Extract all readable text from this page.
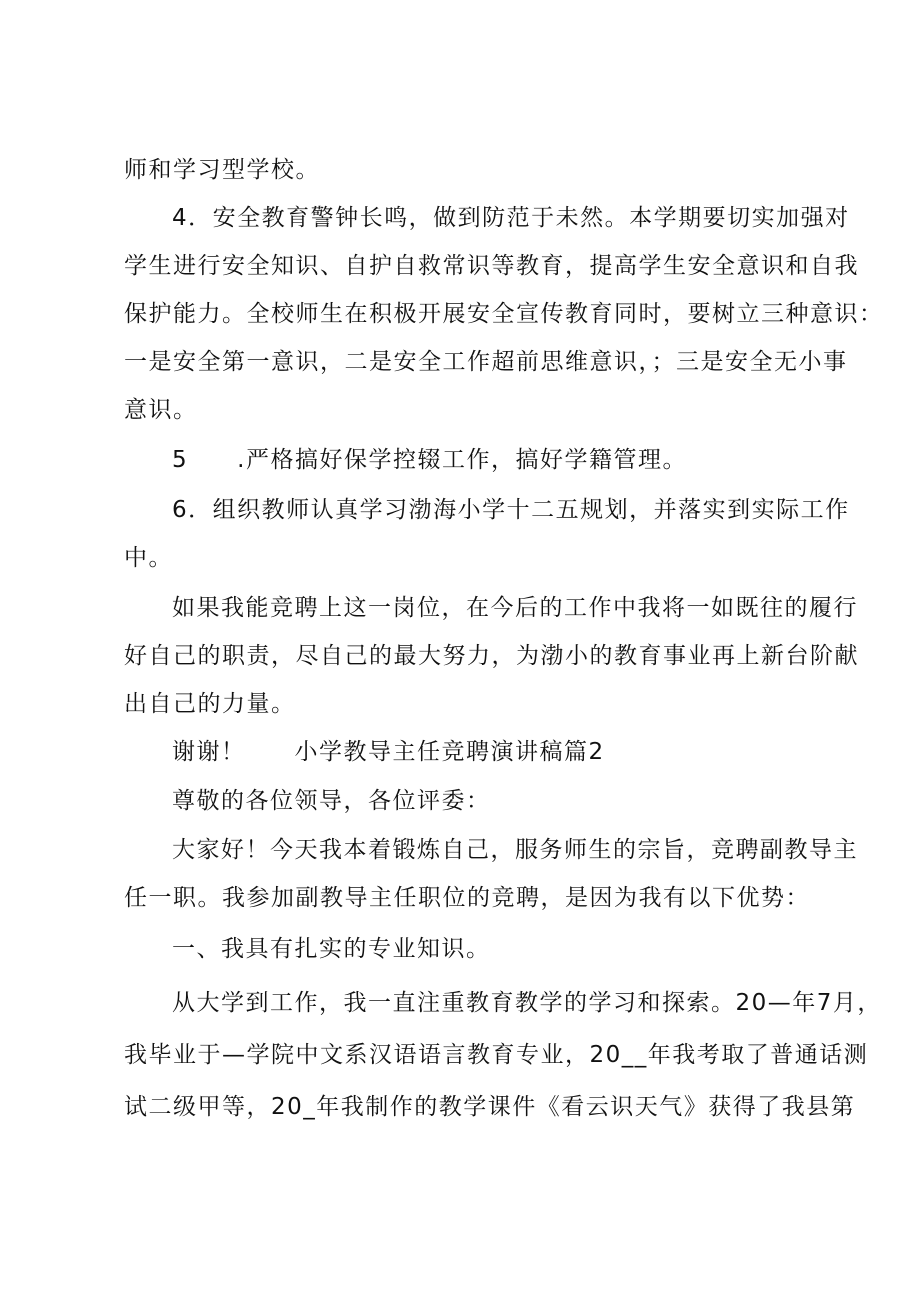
师和学习型学校。
4．安全教育警钟长鸣，做到防范于未然。本学期要切实加强对
学生进行安全知识、自护自救常识等教育，提高学生安全意识和自我
保护能力。全校师生在积极开展安全宣传教育同时，要树立三种意识：
一是安全第一意识，二是安全工作超前思维意识，；三是安全无小事
意识。
5　　.严格搞好保学控辍工作，搞好学籍管理。
6．组织教师认真学习渤海小学十二五规划，并落实到实际工作
中。
如果我能竞聘上这一岗位，在今后的工作中我将一如既往的履行
好自己的职责，尽自己的最大努力，为渤小的教育事业再上新台阶献
出自己的力量。
谢谢！　　小学教导主任竞聘演讲稿篇2
尊敬的各位领导，各位评委：
大家好！今天我本着锻炼自己，服务师生的宗旨，竞聘副教导主
任一职。我参加副教导主任职位的竞聘，是因为我有以下优势：
一、我具有扎实的专业知识。
从大学到工作，我一直注重教育教学的学习和探索。20—年7月，
我毕业于—学院中文系汉语语言教育专业，20__年我考取了普通话测
试二级甲等，20_年我制作的教学课件《看云识天气》获得了我县第
